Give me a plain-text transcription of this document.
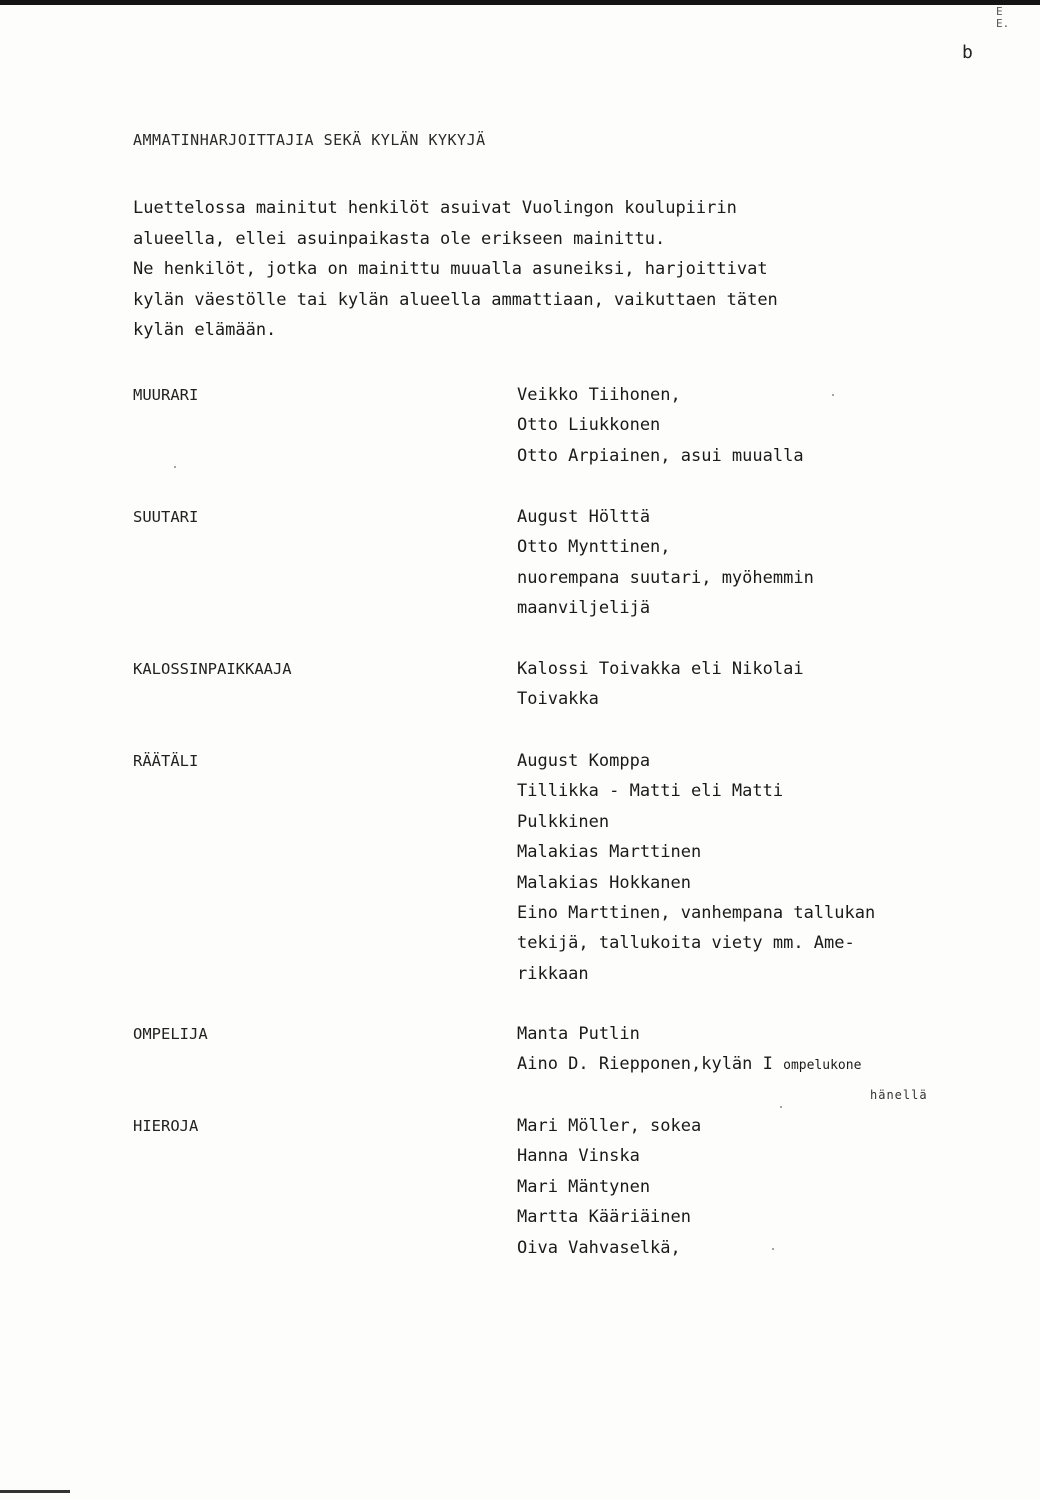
E
E.
b
AMMATINHARJOITTAJIA SEKÄ KYLÄN KYKYJÄ
Luettelossa mainitut henkilöt asuivat Vuolingon koulupiirin
alueella, ellei asuinpaikasta ole erikseen mainittu.
Ne henkilöt, jotka on mainittu muualla asuneiksi, harjoittivat
kylän väestölle tai kylän alueella ammattiaan, vaikuttaen täten
kylän elämään.
MUURARI	Veikko Tiihonen,
Otto Liukkonen
Otto Arpiainen, asui muualla
SUUTARI	August Hölttä
Otto Mynttinen,
nuorempana suutari, myöhemmin
maanviljelijä
KALOSSINPAIKKAAJA	Kalossi Toivakka eli Nikolai
Toivakka
RÄÄTÄLI	August Komppa
Tillikka - Matti eli Matti
Pulkkinen
Malakias Marttinen
Malakias Hokkanen
Eino Marttinen, vanhempana tallukan
tekijä, tallukoita viety mm. Ame-
rikkaan
OMPELIJA	Manta Putlin
Aino D. Riepponen,kylän I ompelukone
hänellä
HIEROJA	Mari Möller, sokea
Hanna Vinska
Mari Mäntynen
Martta Kääriäinen
Oiva Vahvaselkä,
